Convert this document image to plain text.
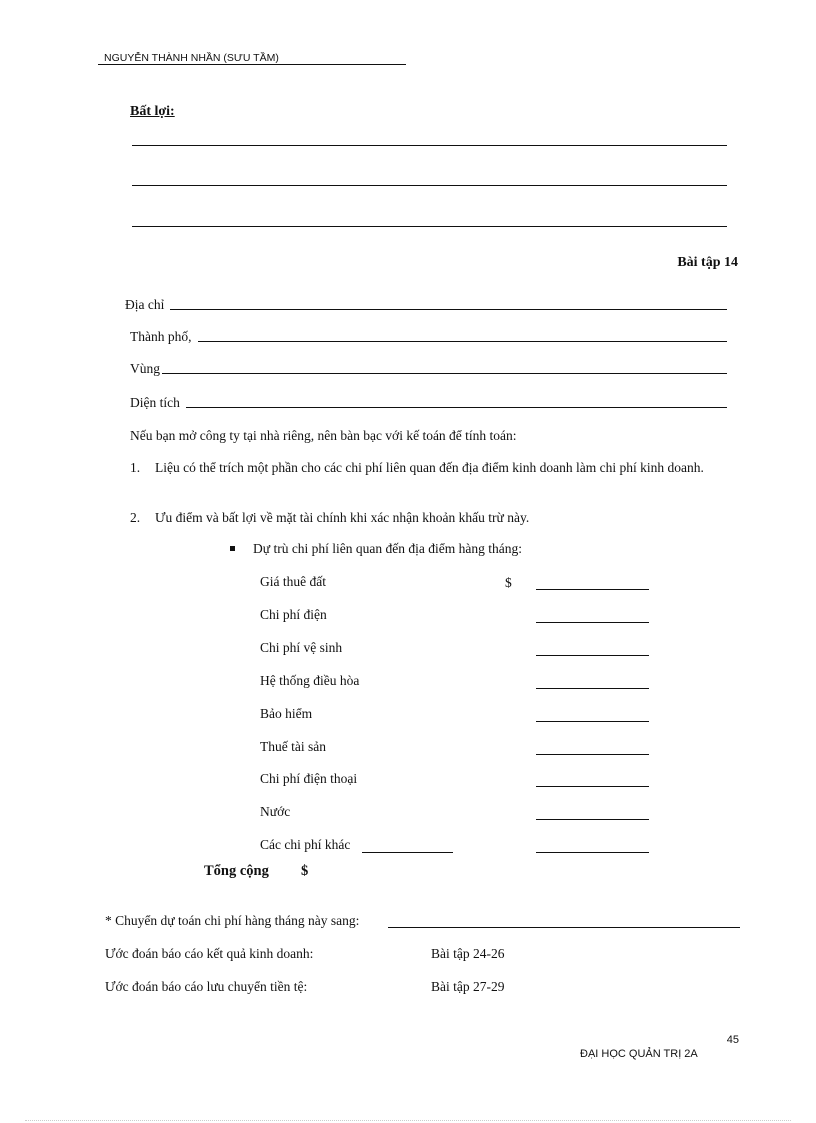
NGUYỄN THÀNH NHẦN (SƯU TẦM)
Bất lợi:
Bài tập 14
Địa chỉ
Thành phố,
Vùng
Diện tích
Nếu bạn mở công ty tại nhà riêng, nên bàn bạc với kế toán để tính toán:
1. Liệu có thể trích một phần cho các chi phí liên quan đến địa điểm kinh doanh làm chi phí kinh doanh.
2. Ưu điểm và bất lợi về mặt tài chính khi xác nhận khoản khấu trừ này.
Dự trù chi phí liên quan đến địa điểm hàng tháng:
Giá thuê đất	$
Chi phí điện
Chi phí vệ sinh
Hệ thống điều hòa
Bảo hiểm
Thuế tài sản
Chi phí điện thoại
Nước
Các chi phí khác
Tổng cộng $
* Chuyển dự toán chi phí hàng tháng này sang:
Ước đoán báo cáo kết quả kinh doanh:	Bài tập 24-26
Ước đoán báo cáo lưu chuyển tiền tệ:	Bài tập 27-29
45
ĐẠI HỌC QUẢN TRỊ 2A
